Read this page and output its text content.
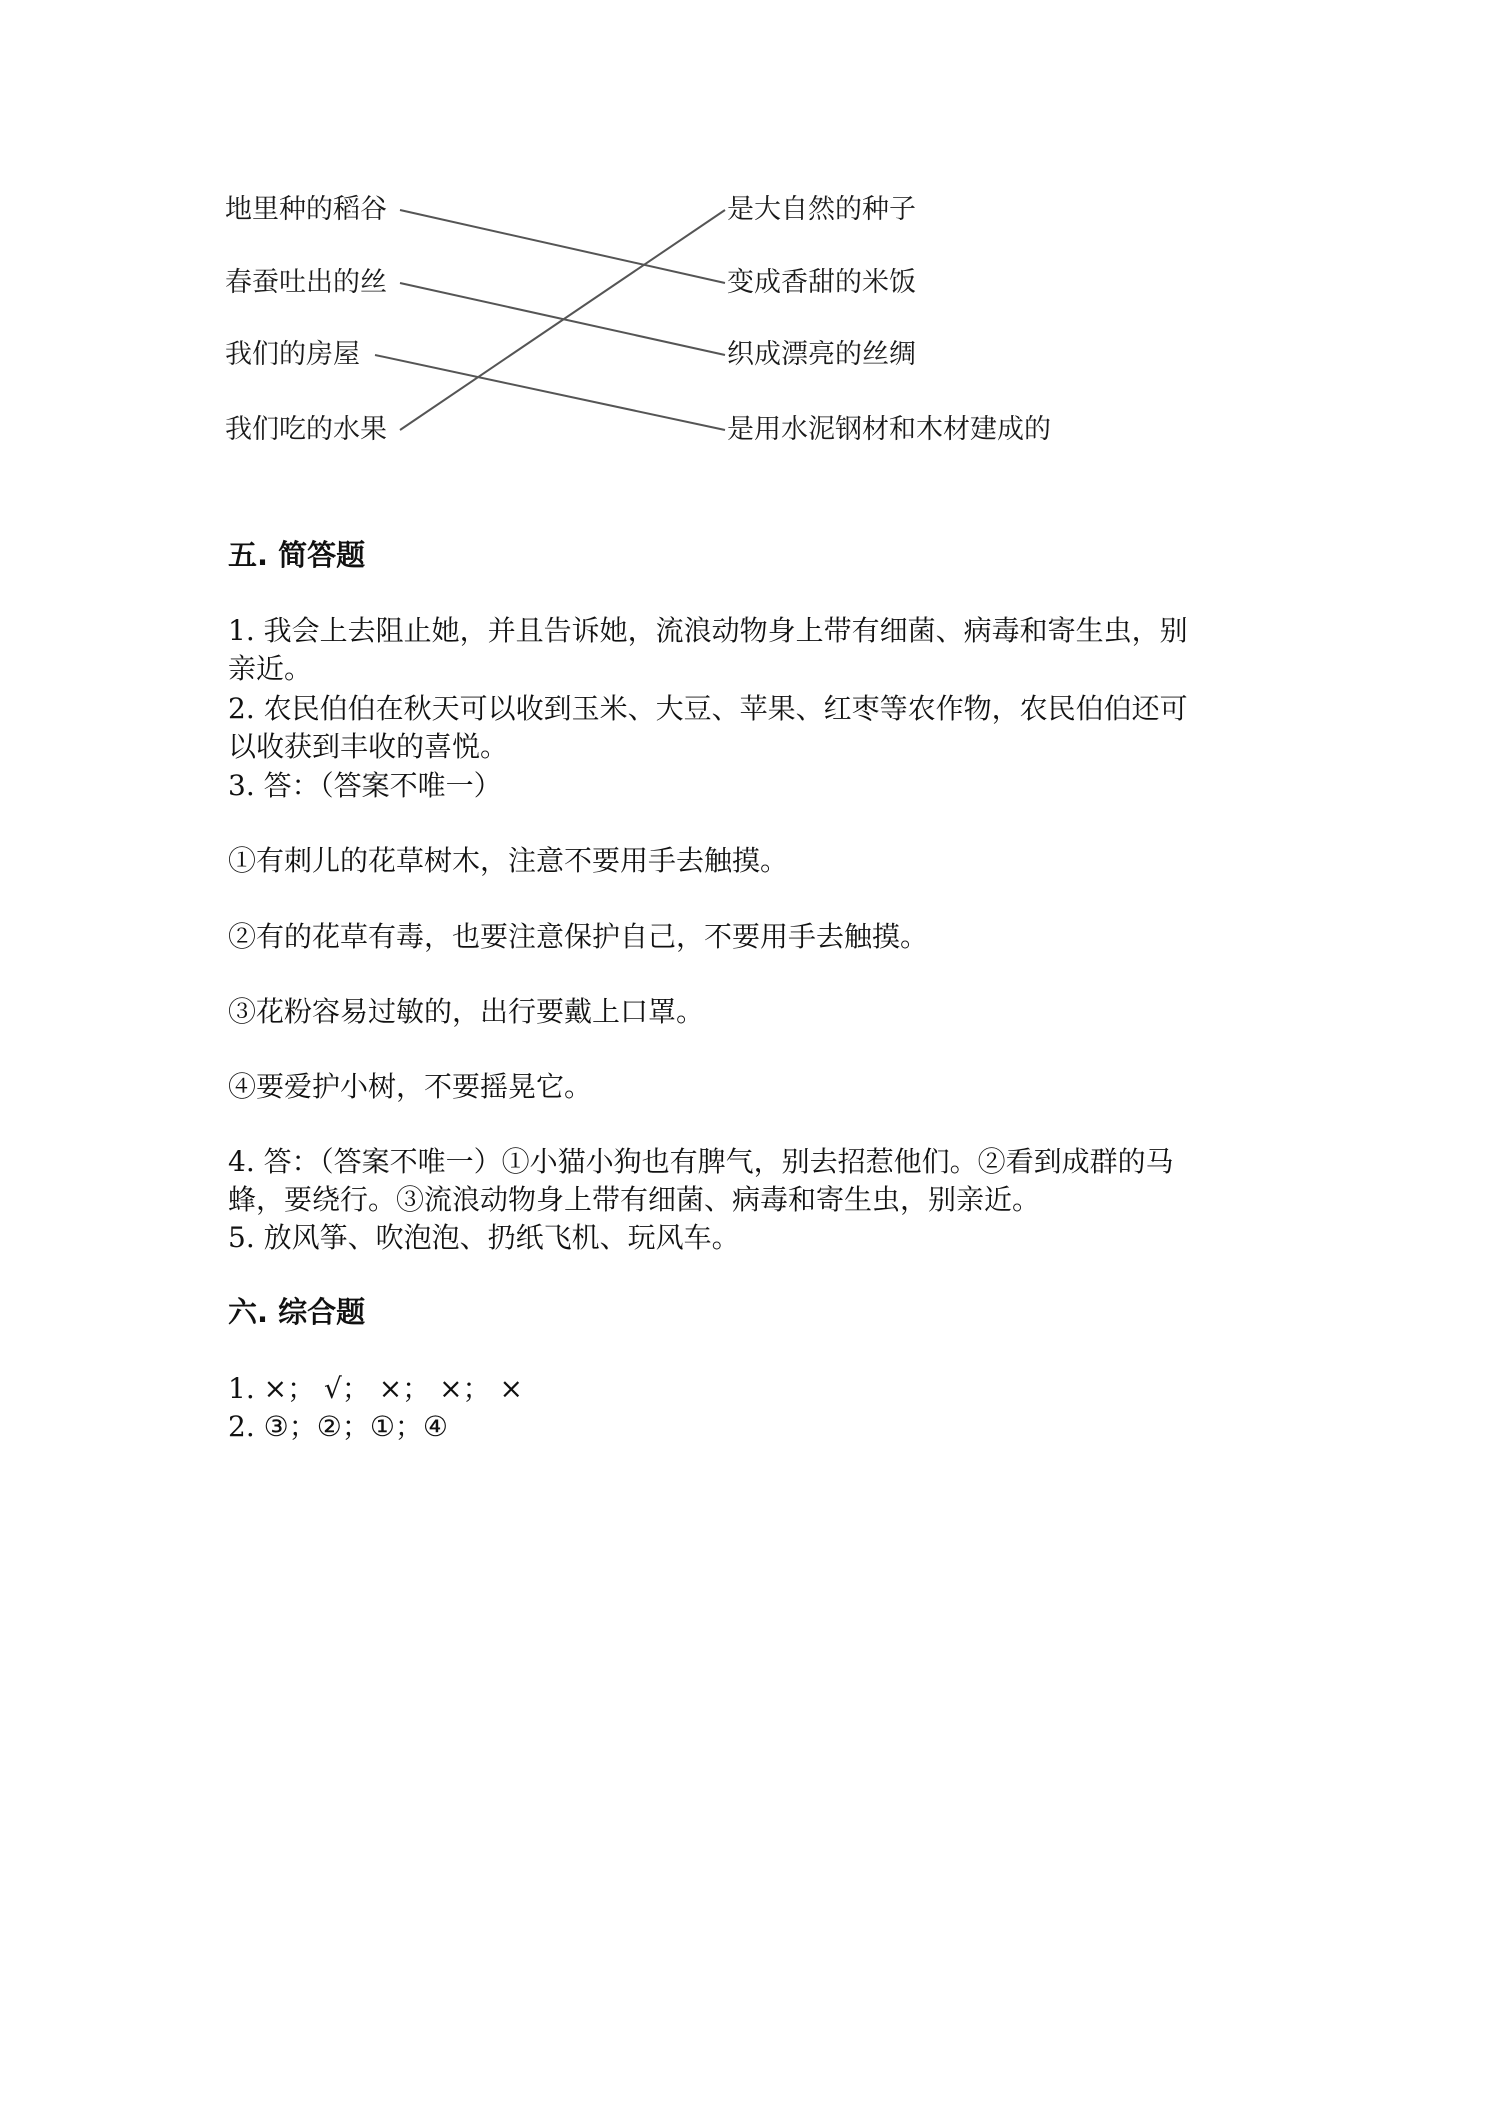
地里种的稻谷
春蚕吐出的丝
我们的房屋
我们吃的水果
是大自然的种子
变成香甜的米饭
织成漂亮的丝绸
是用水泥钢材和木材建成的
五. 简答题
1. 我会上去阻止她，并且告诉她，流浪动物身上带有细菌、病毒和寄生虫，别
亲近。
2. 农民伯伯在秋天可以收到玉米、大豆、苹果、红枣等农作物，农民伯伯还可
以收获到丰收的喜悦。
3. 答：（答案不唯一）
①有刺儿的花草树木，注意不要用手去触摸。
②有的花草有毒，也要注意保护自己，不要用手去触摸。
③花粉容易过敏的，出行要戴上口罩。
④要爱护小树，不要摇晃它。
4. 答：（答案不唯一）①小猫小狗也有脾气，别去招惹他们。②看到成群的马
蜂，要绕行。③流浪动物身上带有细菌、病毒和寄生虫，别亲近。
5. 放风筝、吹泡泡、扔纸飞机、玩风车。
六. 综合题
1. ×； √； ×； ×； ×
2. ③；②；①；④
